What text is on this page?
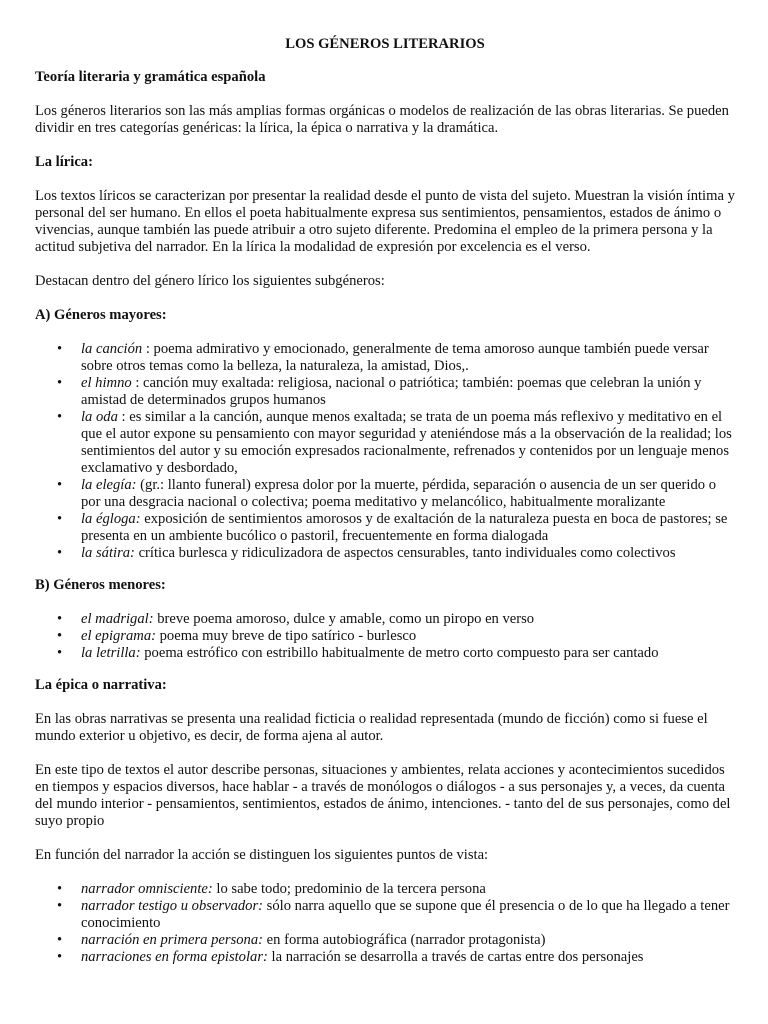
LOS GÉNEROS LITERARIOS
Teoría literaria y gramática española

Los géneros literarios son las más amplias formas orgánicas o modelos de realización de las obras literarias. Se pueden dividir en tres categorías genéricas: la lírica, la épica o narrativa y la dramática.

La lírica:

Los textos líricos se caracterizan por presentar la realidad desde el punto de vista del sujeto. Muestran la visión íntima y personal del ser humano. En ellos el poeta habitualmente expresa sus sentimientos, pensamientos, estados de ánimo o vivencias, aunque también las puede atribuir a otro sujeto diferente. Predomina el empleo de la primera persona y la actitud subjetiva del narrador. En la lírica la modalidad de expresión por excelencia es el verso.

Destacan dentro del género lírico los siguientes subgéneros:

A) Géneros mayores:
• la canción : poema admirativo y emocionado, generalmente de tema amoroso aunque también puede versar sobre otros temas como la belleza, la naturaleza, la amistad, Dios,.
• el himno : canción muy exaltada: religiosa, nacional o patriótica; también: poemas que celebran la unión y amistad de determinados grupos humanos
• la oda : es similar a la canción, aunque menos exaltada; se trata de un poema más reflexivo y meditativo en el que el autor expone su pensamiento con mayor seguridad y ateniéndose más a la observación de la realidad; los sentimientos del autor y su emoción expresados racionalmente, refrenados y contenidos por un lenguaje menos exclamativo y desbordado,
• la elegía: (gr.: llanto funeral) expresa dolor por la muerte, pérdida, separación o ausencia de un ser querido o por una desgracia nacional o colectiva; poema meditativo y melancólico, habitualmente moralizante
• la égloga: exposición de sentimientos amorosos y de exaltación de la naturaleza puesta en boca de pastores; se presenta en un ambiente bucólico o pastoril, frecuentemente en forma dialogada
• la sátira: crítica burlesca y ridiculizadora de aspectos censurables, tanto individuales como colectivos
B) Géneros menores:
• el madrigal: breve poema amoroso, dulce y amable, como un piropo en verso
• el epigrama: poema muy breve de tipo satírico - burlesco
• la letrilla: poema estrófico con estribillo habitualmente de metro corto compuesto para ser cantado
La épica o narrativa:

En las obras narrativas se presenta una realidad ficticia o realidad representada (mundo de ficción) como si fuese el mundo exterior u objetivo, es decir, de forma ajena al autor.

En este tipo de textos el autor describe personas, situaciones y ambientes, relata acciones y acontecimientos sucedidos en tiempos y espacios diversos, hace hablar - a través de monólogos o diálogos - a sus personajes y, a veces, da cuenta del mundo interior - pensamientos, sentimientos, estados de ánimo, intenciones. - tanto del de sus personajes, como del suyo propio

En función del narrador la acción se distinguen los siguientes puntos de vista:

• narrador omnisciente: lo sabe todo; predominio de la tercera persona
• narrador testigo u observador: sólo narra aquello que se supone que él presencia o de lo que ha llegado a tener conocimiento
• narración en primera persona: en forma autobiográfica (narrador protagonista)
• narraciones en forma epistolar: la narración se desarrolla a través de cartas entre dos personajes
